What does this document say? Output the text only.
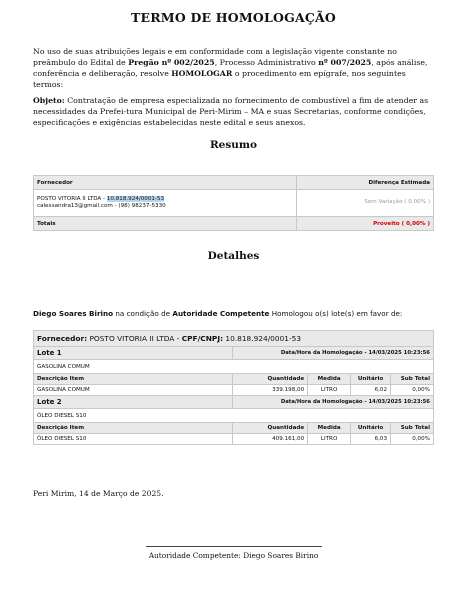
TERMO DE HOMOLOGAÇÃO

No uso de suas atribuições legais e em conformidade com a legislação vigente constante no preâmbulo do Edital de Pregão nº 002/2025, Processo Administrativo nº 007/2025, após análise, conferência e deliberação, resolve HOMOLOGAR o procedimento em epígrafe, nos seguintes termos:

Objeto: Contratação de empresa especializada no fornecimento de combustível a fim de atender as necessidades da Prefei-tura Municipal de Peri-Mirim – MA e suas Secretarias, conforme condições, especificações e exigências estabelecidas neste edital e seus anexos.

Resumo
Fornecedor	Diferença Estimada
POSTO VITORIA II LTDA - 10.818.924/0001-53
calexsandra13@gmail.com - (98) 98237-5330	Sem Variação ( 0,00% )
Totais	Proveito ( 0,00% )
Detalhes

Diego Soares Birino na condição de Autoridade Competente Homologou o(s) lote(s) em favor de:

Fornecedor: POSTO VITORIA II LTDA - CPF/CNPJ: 10.818.924/0001-53				
Lote 1	Data/Hora da Homologação - 14/03/2025 10:23:56			
GASOLINA COMUM				
Descrição Item	Quantidade	Medida	Unitário	Sub Total
GASOLINA COMUM	339.198,00	LITRO	6,02	0,00%
Lote 2	Data/Hora da Homologação - 14/03/2025 10:23:56			
ÓLEO DIESEL S10				
Descrição Item	Quantidade	Medida	Unitário	Sub Total
ÓLEO DIESEL S10	409.161,00	LITRO	6,03	0,00%

Peri Mirim, 14 de Março de 2025.

Autoridade Competente: Diego Soares Birino
